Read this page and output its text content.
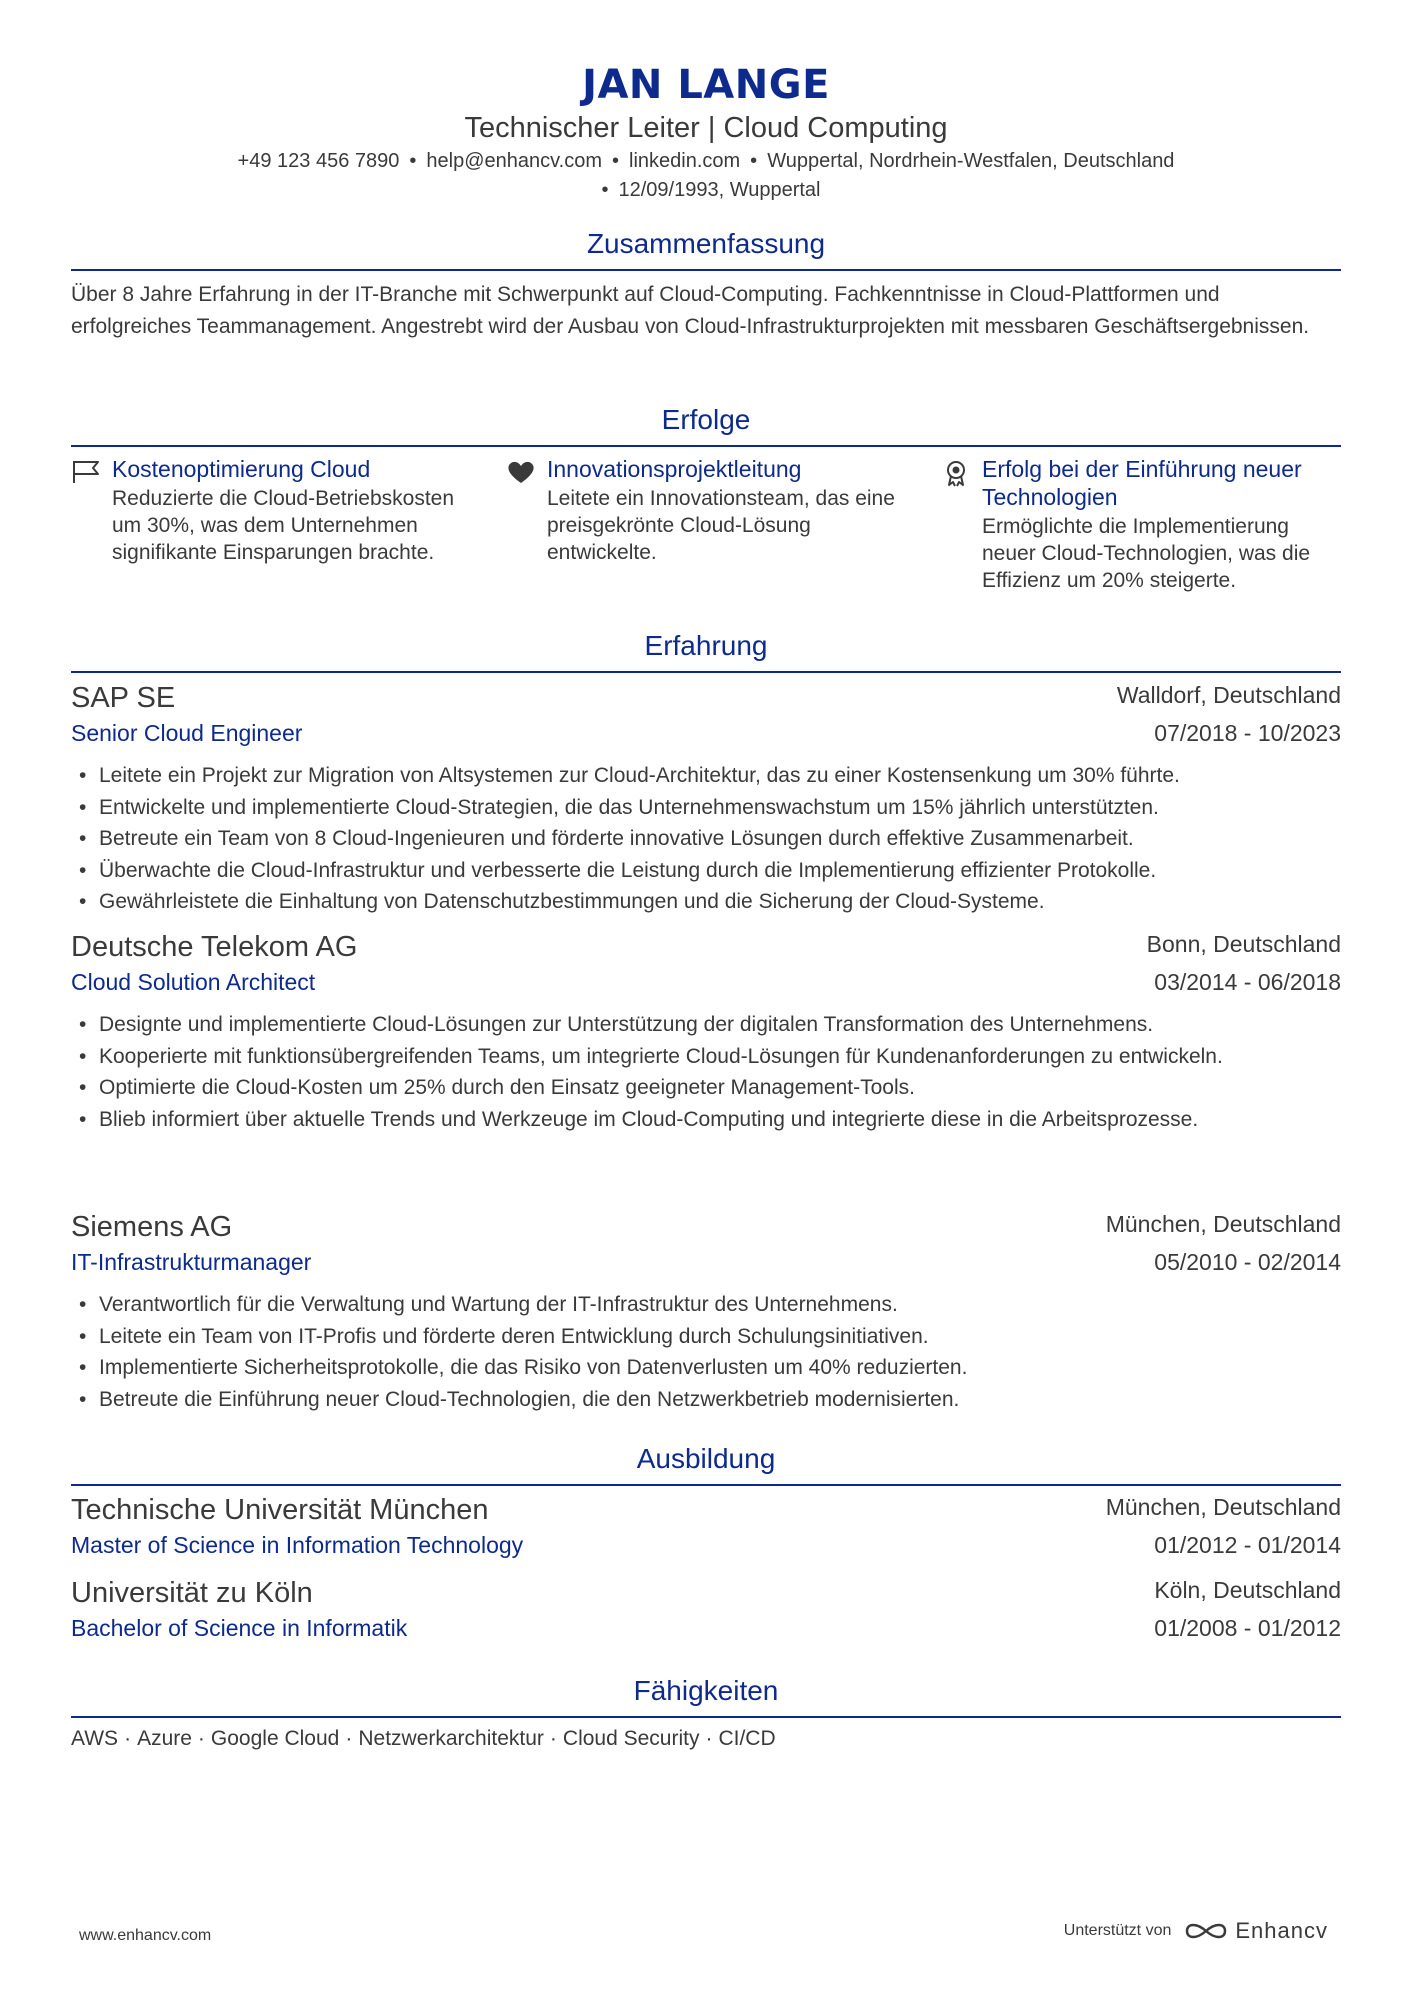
JAN LANGE
Technischer Leiter | Cloud Computing
+49 123 456 7890 • help@enhancv.com • linkedin.com • Wuppertal, Nordrhein-Westfalen, Deutschland
• 12/09/1993, Wuppertal
Zusammenfassung
Über 8 Jahre Erfahrung in der IT-Branche mit Schwerpunkt auf Cloud-Computing. Fachkenntnisse in Cloud-Plattformen und erfolgreiches Teammanagement. Angestrebt wird der Ausbau von Cloud-Infrastrukturprojekten mit messbaren Geschäftsergebnissen.
Erfolge
Kostenoptimierung Cloud
Reduzierte die Cloud-Betriebskosten um 30%, was dem Unternehmen signifikante Einsparungen brachte.
Innovationsprojektleitung
Leitete ein Innovationsteam, das eine preisgekrönte Cloud-Lösung entwickelte.
Erfolg bei der Einführung neuer Technologien
Ermöglichte die Implementierung neuer Cloud-Technologien, was die Effizienz um 20% steigerte.
Erfahrung
SAP SE	Walldorf, Deutschland
Senior Cloud Engineer	07/2018 - 10/2023
• Leitete ein Projekt zur Migration von Altsystemen zur Cloud-Architektur, das zu einer Kostensenkung um 30% führte.
• Entwickelte und implementierte Cloud-Strategien, die das Unternehmenswachstum um 15% jährlich unterstützten.
• Betreute ein Team von 8 Cloud-Ingenieuren und förderte innovative Lösungen durch effektive Zusammenarbeit.
• Überwachte die Cloud-Infrastruktur und verbesserte die Leistung durch die Implementierung effizienter Protokolle.
• Gewährleistete die Einhaltung von Datenschutzbestimmungen und die Sicherung der Cloud-Systeme.
Deutsche Telekom AG	Bonn, Deutschland
Cloud Solution Architect	03/2014 - 06/2018
• Designte und implementierte Cloud-Lösungen zur Unterstützung der digitalen Transformation des Unternehmens.
• Kooperierte mit funktionsübergreifenden Teams, um integrierte Cloud-Lösungen für Kundenanforderungen zu entwickeln.
• Optimierte die Cloud-Kosten um 25% durch den Einsatz geeigneter Management-Tools.
• Blieb informiert über aktuelle Trends und Werkzeuge im Cloud-Computing und integrierte diese in die Arbeitsprozesse.
Siemens AG	München, Deutschland
IT-Infrastrukturmanager	05/2010 - 02/2014
• Verantwortlich für die Verwaltung und Wartung der IT-Infrastruktur des Unternehmens.
• Leitete ein Team von IT-Profis und förderte deren Entwicklung durch Schulungsinitiativen.
• Implementierte Sicherheitsprotokolle, die das Risiko von Datenverlusten um 40% reduzierten.
• Betreute die Einführung neuer Cloud-Technologien, die den Netzwerkbetrieb modernisierten.
Ausbildung
Technische Universität München	München, Deutschland
Master of Science in Information Technology	01/2012 - 01/2014
Universität zu Köln	Köln, Deutschland
Bachelor of Science in Informatik	01/2008 - 01/2012
Fähigkeiten
AWS · Azure · Google Cloud · Netzwerkarchitektur · Cloud Security · CI/CD
www.enhancv.com	Unterstützt von	Enhancv
